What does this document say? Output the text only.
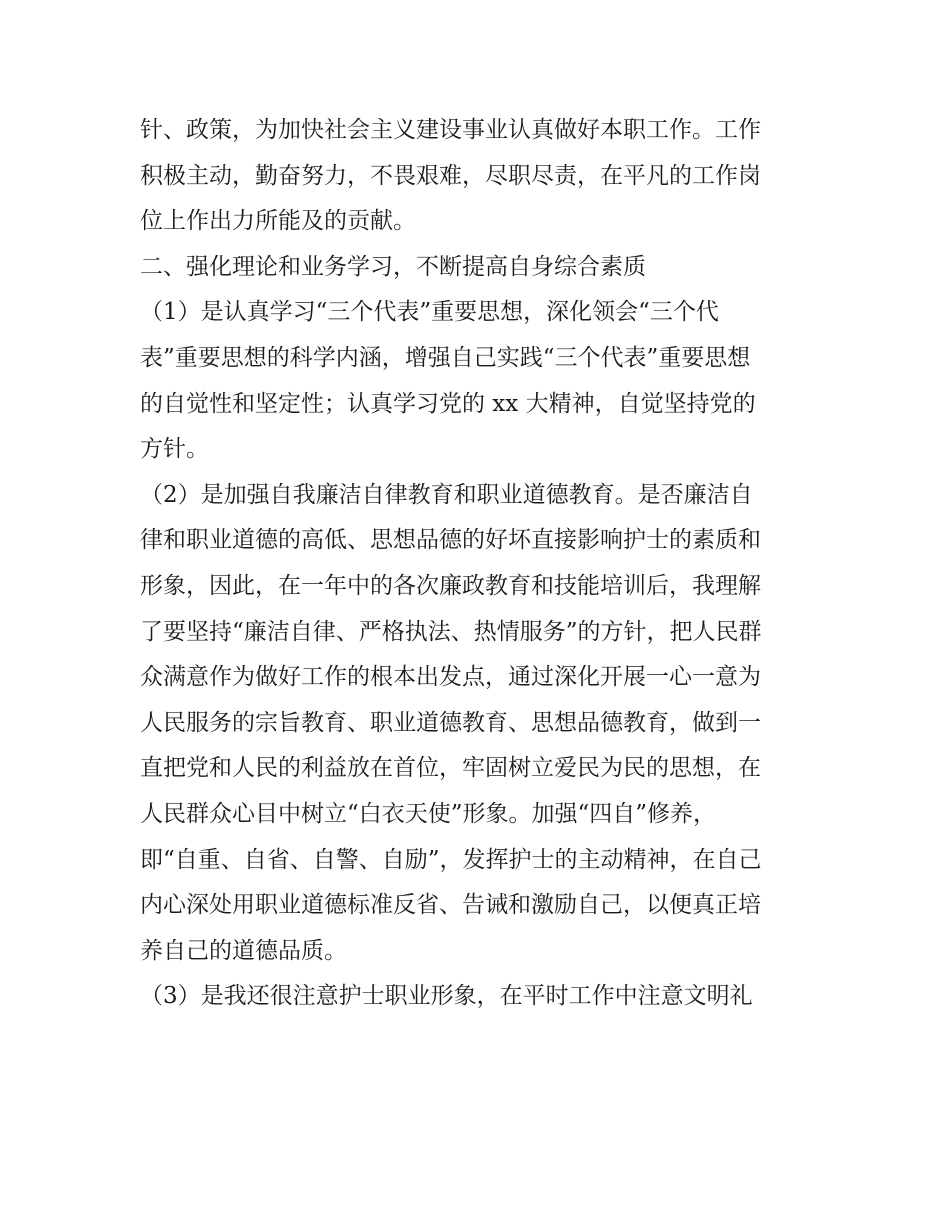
针、政策，为加快社会主义建设事业认真做好本职工作。工作
积极主动，勤奋努力，不畏艰难，尽职尽责，在平凡的工作岗
位上作出力所能及的贡献。
二、强化理论和业务学习，不断提高自身综合素质
（1）是认真学习“三个代表”重要思想，深化领会“三个代
表”重要思想的科学内涵，增强自己实践“三个代表”重要思想
的自觉性和坚定性；认真学习党的 xx 大精神，自觉坚持党的
方针。
（2）是加强自我廉洁自律教育和职业道德教育。是否廉洁自
律和职业道德的高低、思想品德的好坏直接影响护士的素质和
形象，因此，在一年中的各次廉政教育和技能培训后，我理解
了要坚持“廉洁自律、严格执法、热情服务”的方针，把人民群
众满意作为做好工作的根本出发点，通过深化开展一心一意为
人民服务的宗旨教育、职业道德教育、思想品德教育，做到一
直把党和人民的利益放在首位，牢固树立爱民为民的思想，在
人民群众心目中树立“白衣天使”形象。加强“四自”修养，
即“自重、自省、自警、自励”，发挥护士的主动精神，在自己
内心深处用职业道德标准反省、告诫和激励自己，以便真正培
养自己的道德品质。
（3）是我还很注意护士职业形象，在平时工作中注意文明礼
